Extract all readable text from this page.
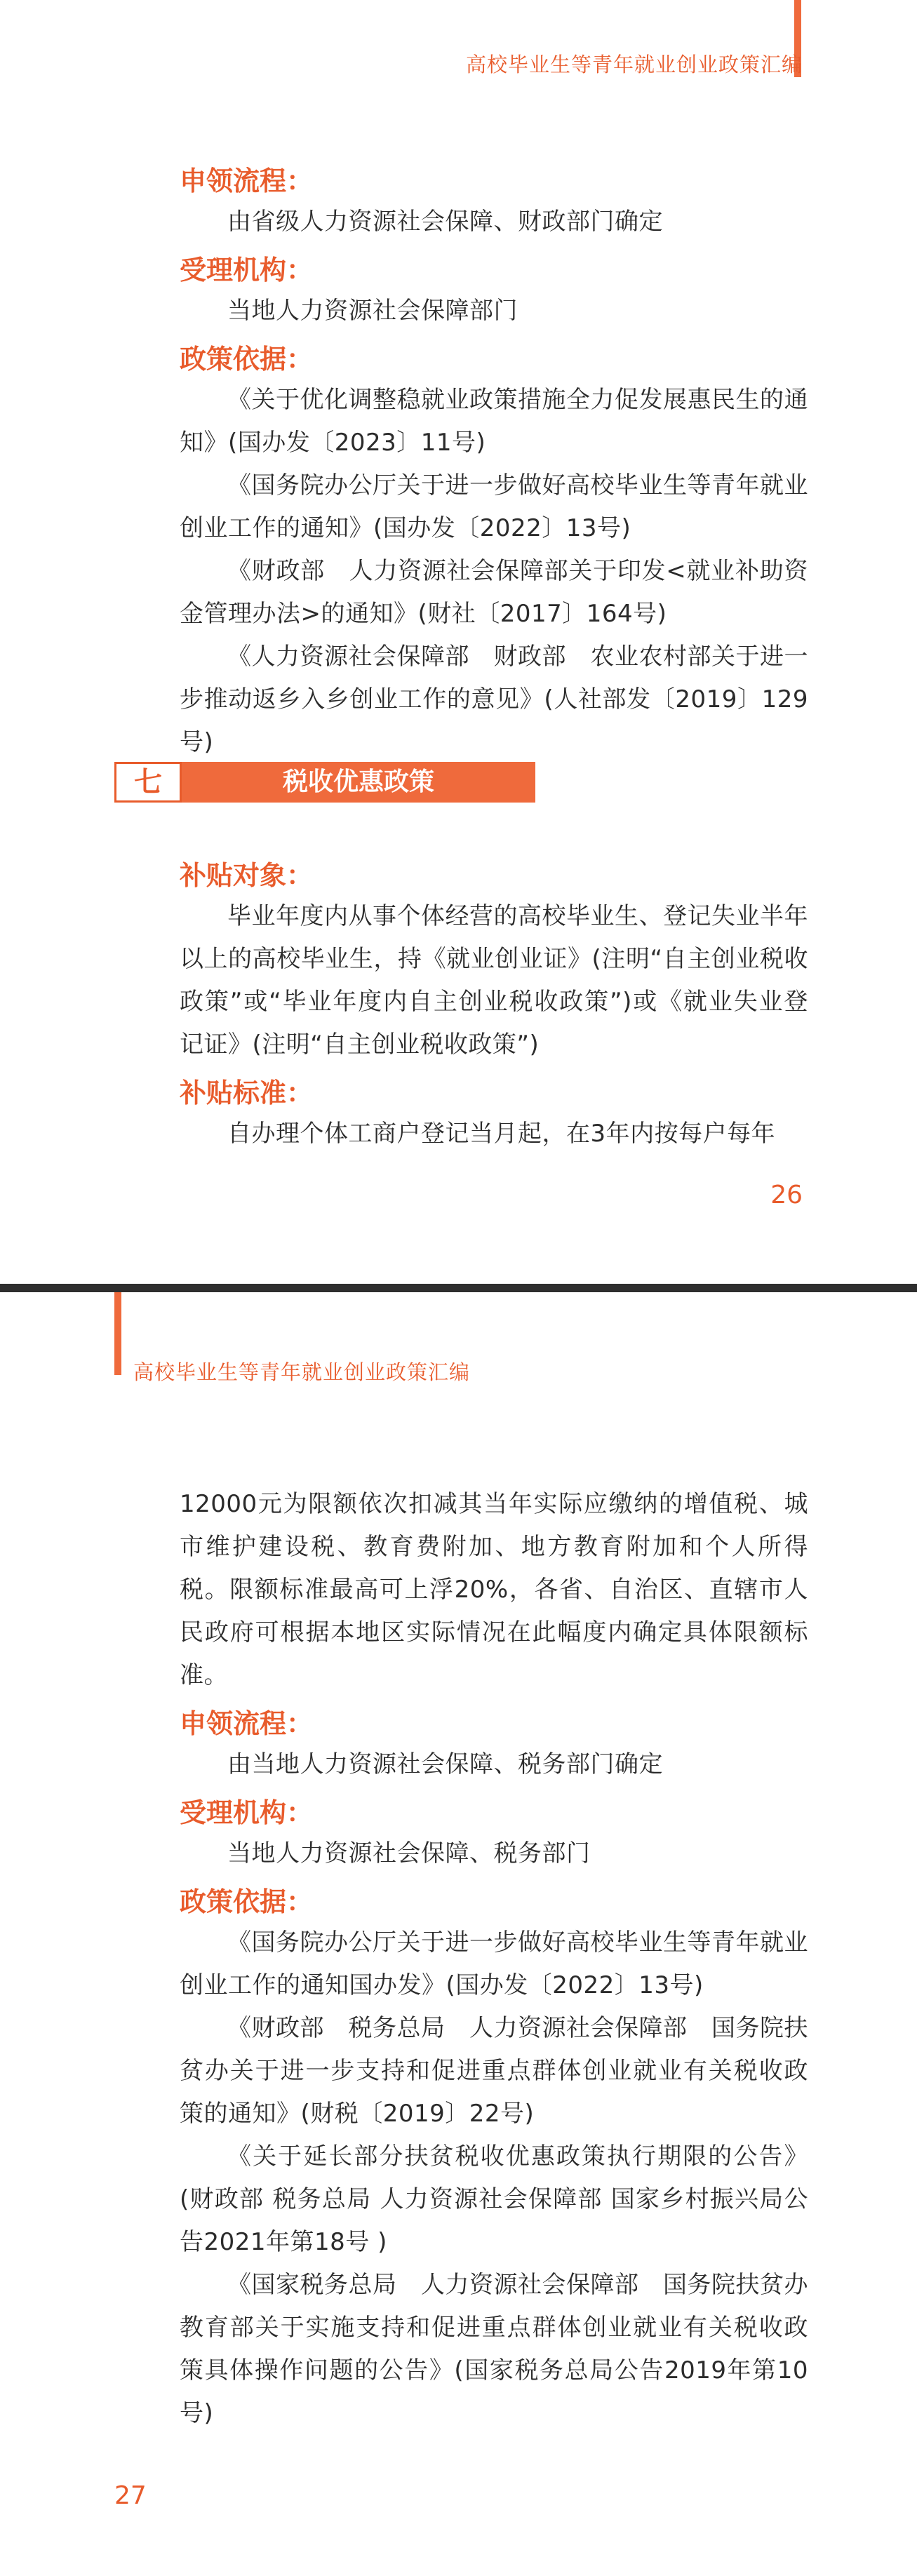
高校毕业生等青年就业创业政策汇编

申领流程：

由省级人力资源社会保障、财政部门确定

受理机构：

当地人力资源社会保障部门

政策依据：

《关于优化调整稳就业政策措施全力促发展惠民生的通知》(国办发〔2023〕11号)

《国务院办公厅关于进一步做好高校毕业生等青年就业创业工作的通知》(国办发〔2022〕13号)

《财政部　人力资源社会保障部关于印发<就业补助资金管理办法>的通知》(财社〔2017〕164号)

《人力资源社会保障部　财政部　农业农村部关于进一步推动返乡入乡创业工作的意见》(人社部发〔2019〕129号)

七	税收优惠政策

补贴对象：

毕业年度内从事个体经营的高校毕业生、登记失业半年以上的高校毕业生，持《就业创业证》(注明“自主创业税收政策”或“毕业年度内自主创业税收政策”)或《就业失业登记证》(注明“自主创业税收政策”)

补贴标准：

自办理个体工商户登记当月起，在3年内按每户每年

26
高校毕业生等青年就业创业政策汇编

12000元为限额依次扣减其当年实际应缴纳的增值税、城市维护建设税、教育费附加、地方教育附加和个人所得税。限额标准最高可上浮20%，各省、自治区、直辖市人民政府可根据本地区实际情况在此幅度内确定具体限额标准。

申领流程：

由当地人力资源社会保障、税务部门确定

受理机构：

当地人力资源社会保障、税务部门

政策依据：

《国务院办公厅关于进一步做好高校毕业生等青年就业创业工作的通知国办发》(国办发〔2022〕13号)

《财政部　税务总局　人力资源社会保障部　国务院扶贫办关于进一步支持和促进重点群体创业就业有关税收政策的通知》(财税〔2019〕22号)

《关于延长部分扶贫税收优惠政策执行期限的公告》(财政部 税务总局 人力资源社会保障部 国家乡村振兴局公告2021年第18号 )

《国家税务总局　人力资源社会保障部　国务院扶贫办教育部关于实施支持和促进重点群体创业就业有关税收政策具体操作问题的公告》(国家税务总局公告2019年第10号)

27
